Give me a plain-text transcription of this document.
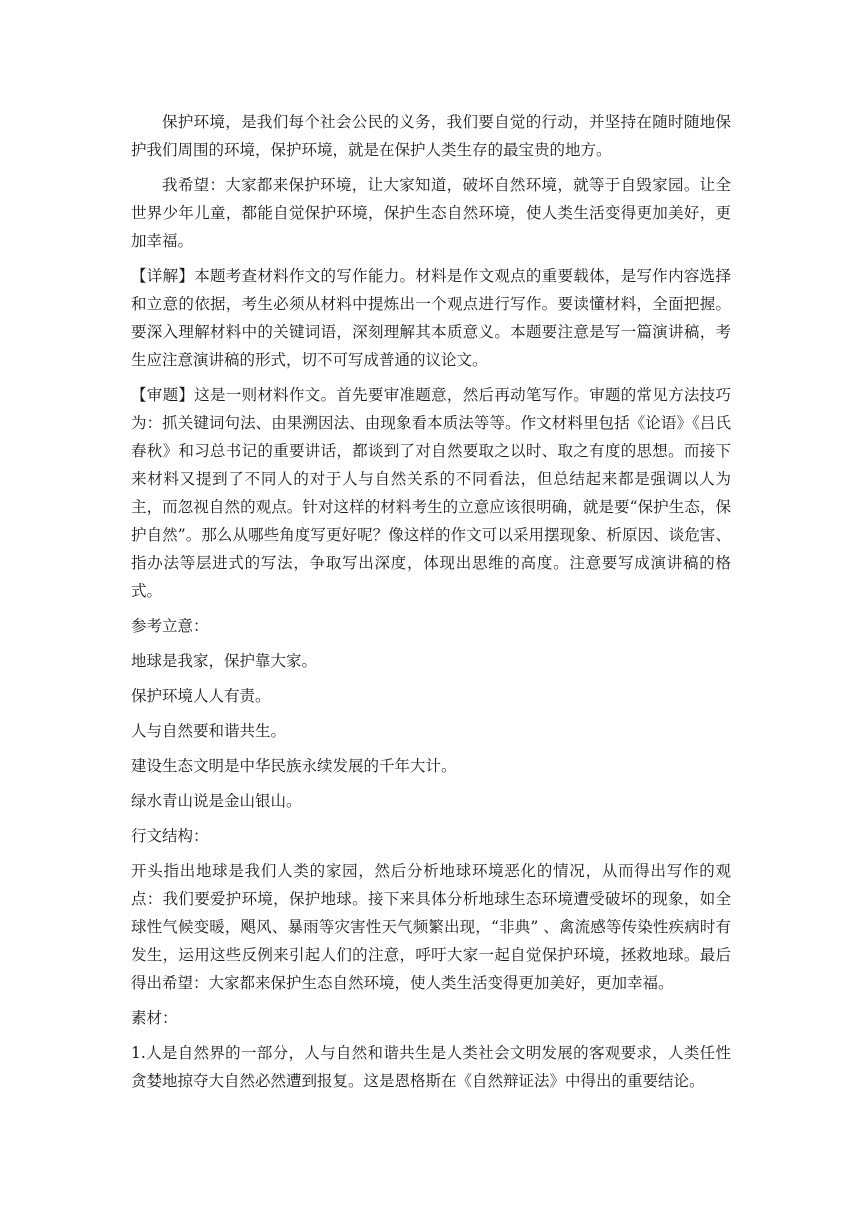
保护环境，是我们每个社会公民的义务，我们要自觉的行动，并坚持在随时随地保护我们周围的环境，保护环境，就是在保护人类生存的最宝贵的地方。

我希望：大家都来保护环境，让大家知道，破坏自然环境，就等于自毁家园。让全世界少年儿童，都能自觉保护环境，保护生态自然环境，使人类生活变得更加美好，更加幸福。

【详解】本题考查材料作文的写作能力。材料是作文观点的重要载体，是写作内容选择和立意的依据，考生必须从材料中提炼出一个观点进行写作。要读懂材料，全面把握。要深入理解材料中的关键词语，深刻理解其本质意义。本题要注意是写一篇演讲稿，考生应注意演讲稿的形式，切不可写成普通的议论文。

【审题】这是一则材料作文。首先要审准题意，然后再动笔写作。审题的常见方法技巧为：抓关键词句法、由果溯因法、由现象看本质法等等。作文材料里包括《论语》《吕氏春秋》和习总书记的重要讲话，都谈到了对自然要取之以时、取之有度的思想。而接下来材料又提到了不同人的对于人与自然关系的不同看法，但总结起来都是强调以人为主，而忽视自然的观点。针对这样的材料考生的立意应该很明确，就是要“保护生态，保护自然”。那么从哪些角度写更好呢？像这样的作文可以采用摆现象、析原因、谈危害、指办法等层进式的写法，争取写出深度，体现出思维的高度。注意要写成演讲稿的格式。

参考立意：

地球是我家，保护靠大家。

保护环境人人有责。

人与自然要和谐共生。

建设生态文明是中华民族永续发展的千年大计。

绿水青山说是金山银山。

行文结构：

开头指出地球是我们人类的家园，然后分析地球环境恶化的情况，从而得出写作的观点：我们要爱护环境，保护地球。接下来具体分析地球生态环境遭受破坏的现象，如全球性气候变暖，飓风、暴雨等灾害性天气频繁出现，“非典” 、禽流感等传染性疾病时有发生，运用这些反例来引起人们的注意，呼吁大家一起自觉保护环境，拯救地球。最后得出希望：大家都来保护生态自然环境，使人类生活变得更加美好，更加幸福。

素材：

1.人是自然界的一部分，人与自然和谐共生是人类社会文明发展的客观要求，人类任性贪婪地掠夺大自然必然遭到报复。这是恩格斯在《自然辩证法》中得出的重要结论。
